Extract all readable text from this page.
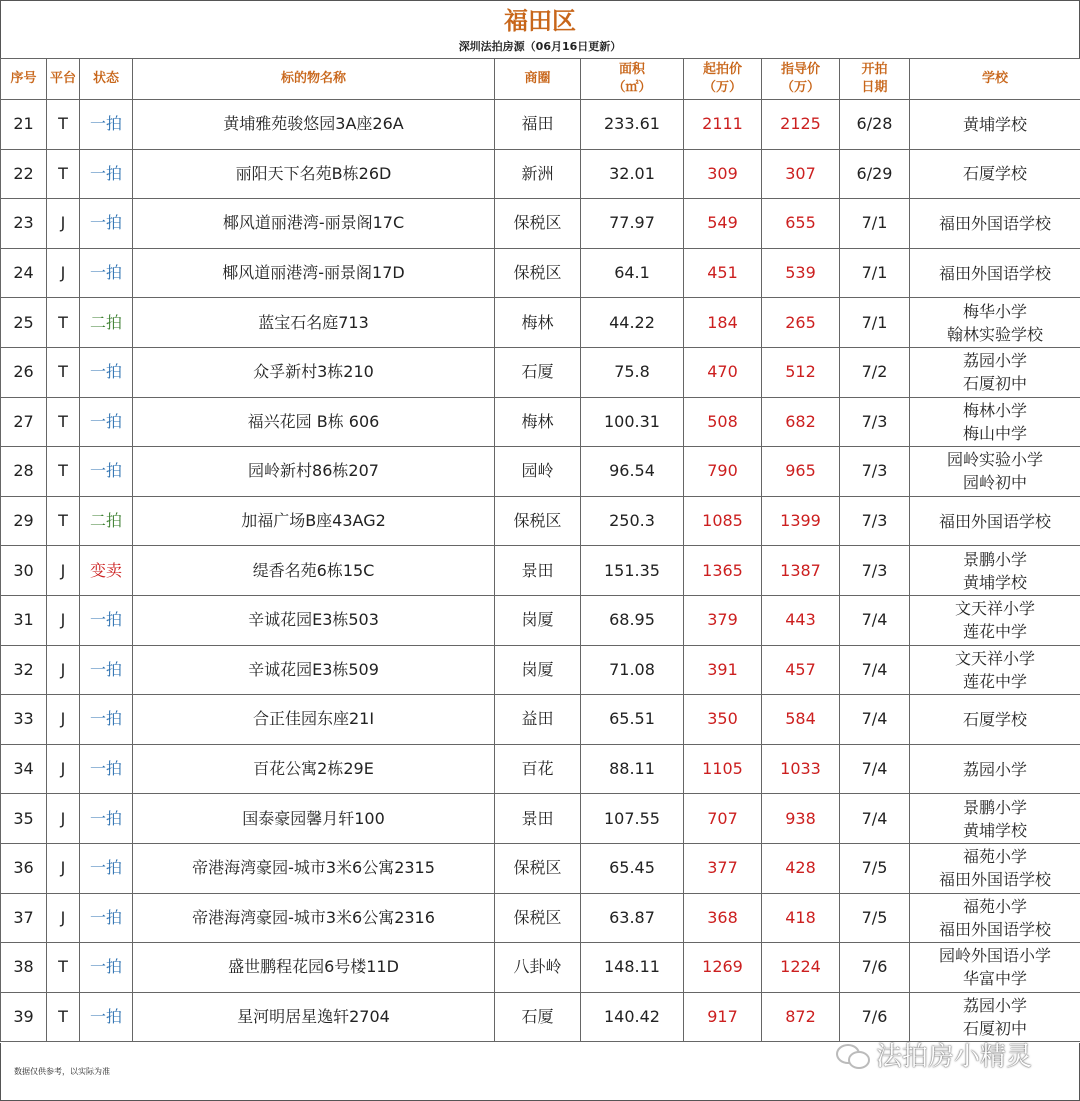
福田区
深圳法拍房源（06月16日更新）
序号	平台	状态	标的物名称	商圈	面积
（㎡）	起拍价
（万）	指导价
（万）	开拍
日期	学校
21	T	一拍	黄埔雅苑骏悠园3A座26A	福田	233.61	2111	2125	6/28	黄埔学校
22	T	一拍	丽阳天下名苑B栋26D	新洲	32.01	309	307	6/29	石厦学校
23	J	一拍	椰风道丽港湾-丽景阁17C	保税区	77.97	549	655	7/1	福田外国语学校
24	J	一拍	椰风道丽港湾-丽景阁17D	保税区	64.1	451	539	7/1	福田外国语学校
25	T	二拍	蓝宝石名庭713	梅林	44.22	184	265	7/1	梅华小学
翰林实验学校
26	T	一拍	众孚新村3栋210	石厦	75.8	470	512	7/2	荔园小学
石厦初中
27	T	一拍	福兴花园 B栋 606	梅林	100.31	508	682	7/3	梅林小学
梅山中学
28	T	一拍	园岭新村86栋207	园岭	96.54	790	965	7/3	园岭实验小学
园岭初中
29	T	二拍	加福广场B座43AG2	保税区	250.3	1085	1399	7/3	福田外国语学校
30	J	变卖	缇香名苑6栋15C	景田	151.35	1365	1387	7/3	景鹏小学
黄埔学校
31	J	一拍	辛诚花园E3栋503	岗厦	68.95	379	443	7/4	文天祥小学
莲花中学
32	J	一拍	辛诚花园E3栋509	岗厦	71.08	391	457	7/4	文天祥小学
莲花中学
33	J	一拍	合正佳园东座21I	益田	65.51	350	584	7/4	石厦学校
34	J	一拍	百花公寓2栋29E	百花	88.11	1105	1033	7/4	荔园小学
35	J	一拍	国泰豪园馨月轩100	景田	107.55	707	938	7/4	景鹏小学
黄埔学校
36	J	一拍	帝港海湾豪园-城市3米6公寓2315	保税区	65.45	377	428	7/5	福苑小学
福田外国语学校
37	J	一拍	帝港海湾豪园-城市3米6公寓2316	保税区	63.87	368	418	7/5	福苑小学
福田外国语学校
38	T	一拍	盛世鹏程花园6号楼11D	八卦岭	148.11	1269	1224	7/6	园岭外国语小学
华富中学
39	T	一拍	星河明居星逸轩2704	石厦	140.42	917	872	7/6	荔园小学
石厦初中
数据仅供参考，以实际为准	法拍房小精灵
